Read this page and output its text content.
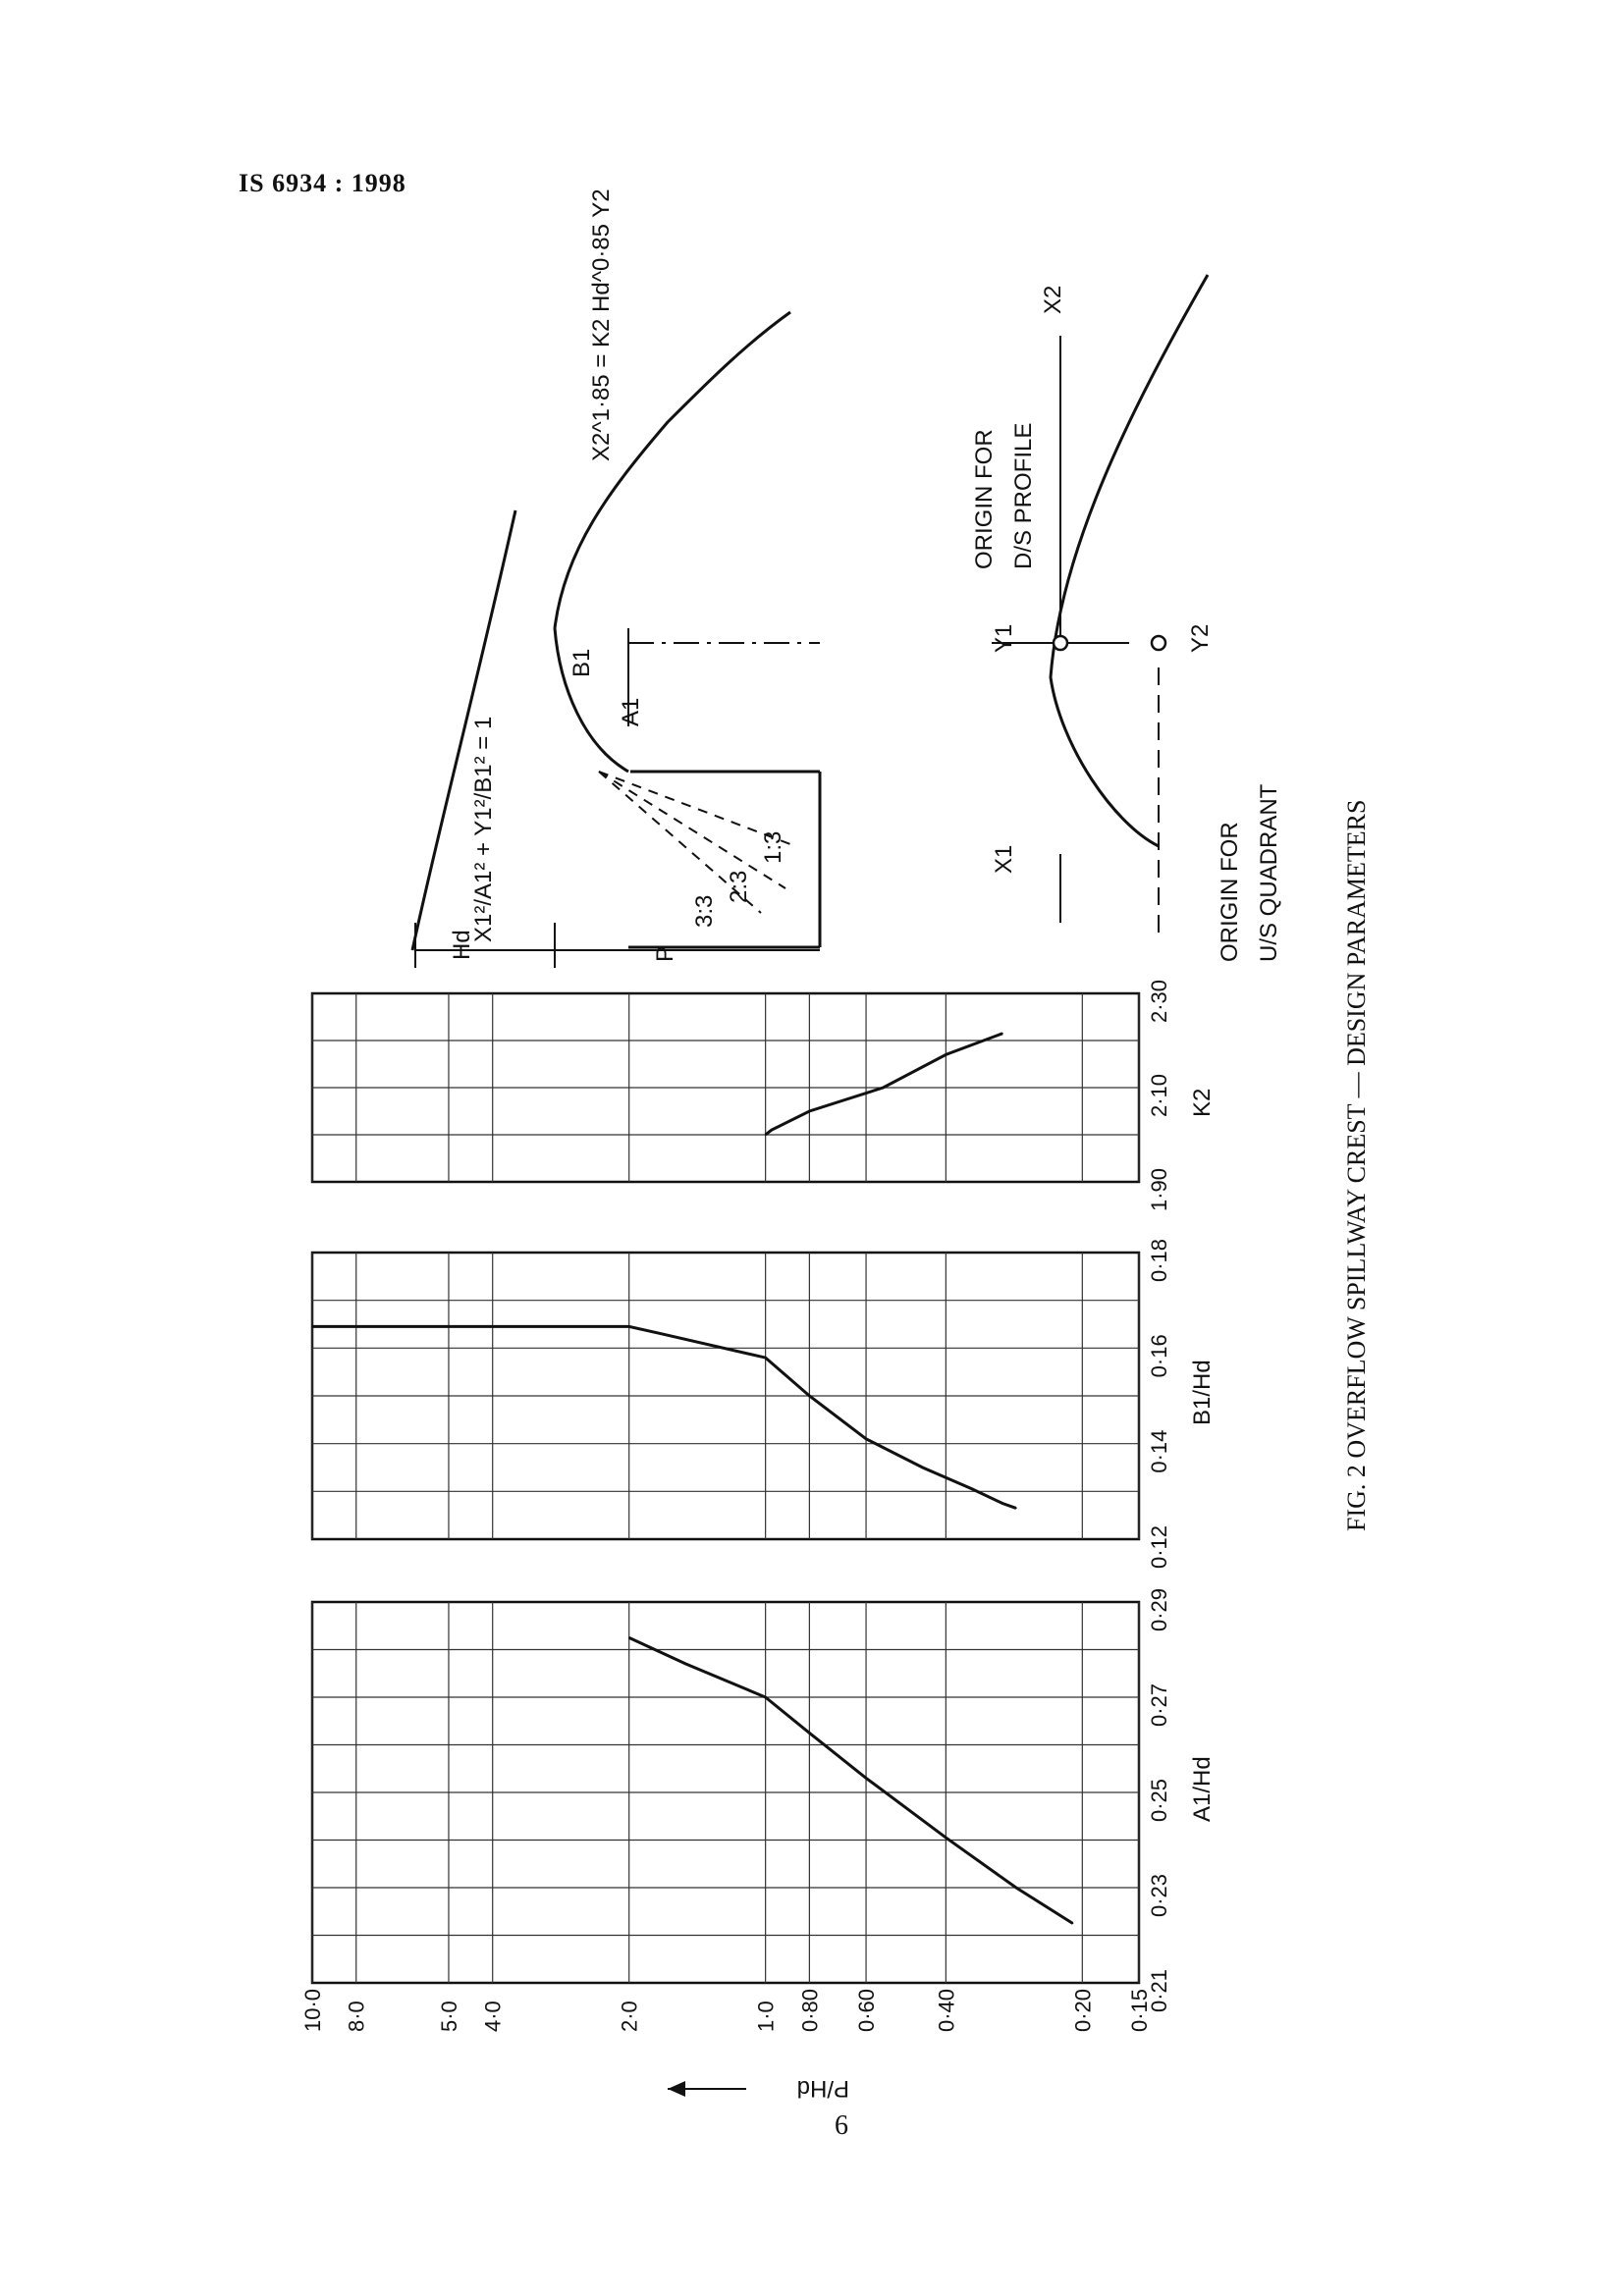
IS 6934 : 1998
0·21
0·23
0·25
0·27
0·29
A1/Hd
0·12
0·14
0·16
0·18
B1/Hd
1·90
2·10
2·30
K2
10·0 8·0	5·0 4·0	2·0	1·0 0·80 0·60	0·40	0·20 0·15
P/Hd
1:3
2:3
3:3
Hd	P
A1
B1
X1²/A1² + Y1²/B1² = 1
X2^1·85 = K2 Hd^0·85 Y2
X1
Y1
X2
Y2
ORIGIN FOR U/S QUADRANT
ORIGIN FOR D/S PROFILE
FIG. 2 OVERFLOW SPILLWAY CREST — DESIGN PARAMETERS
6
